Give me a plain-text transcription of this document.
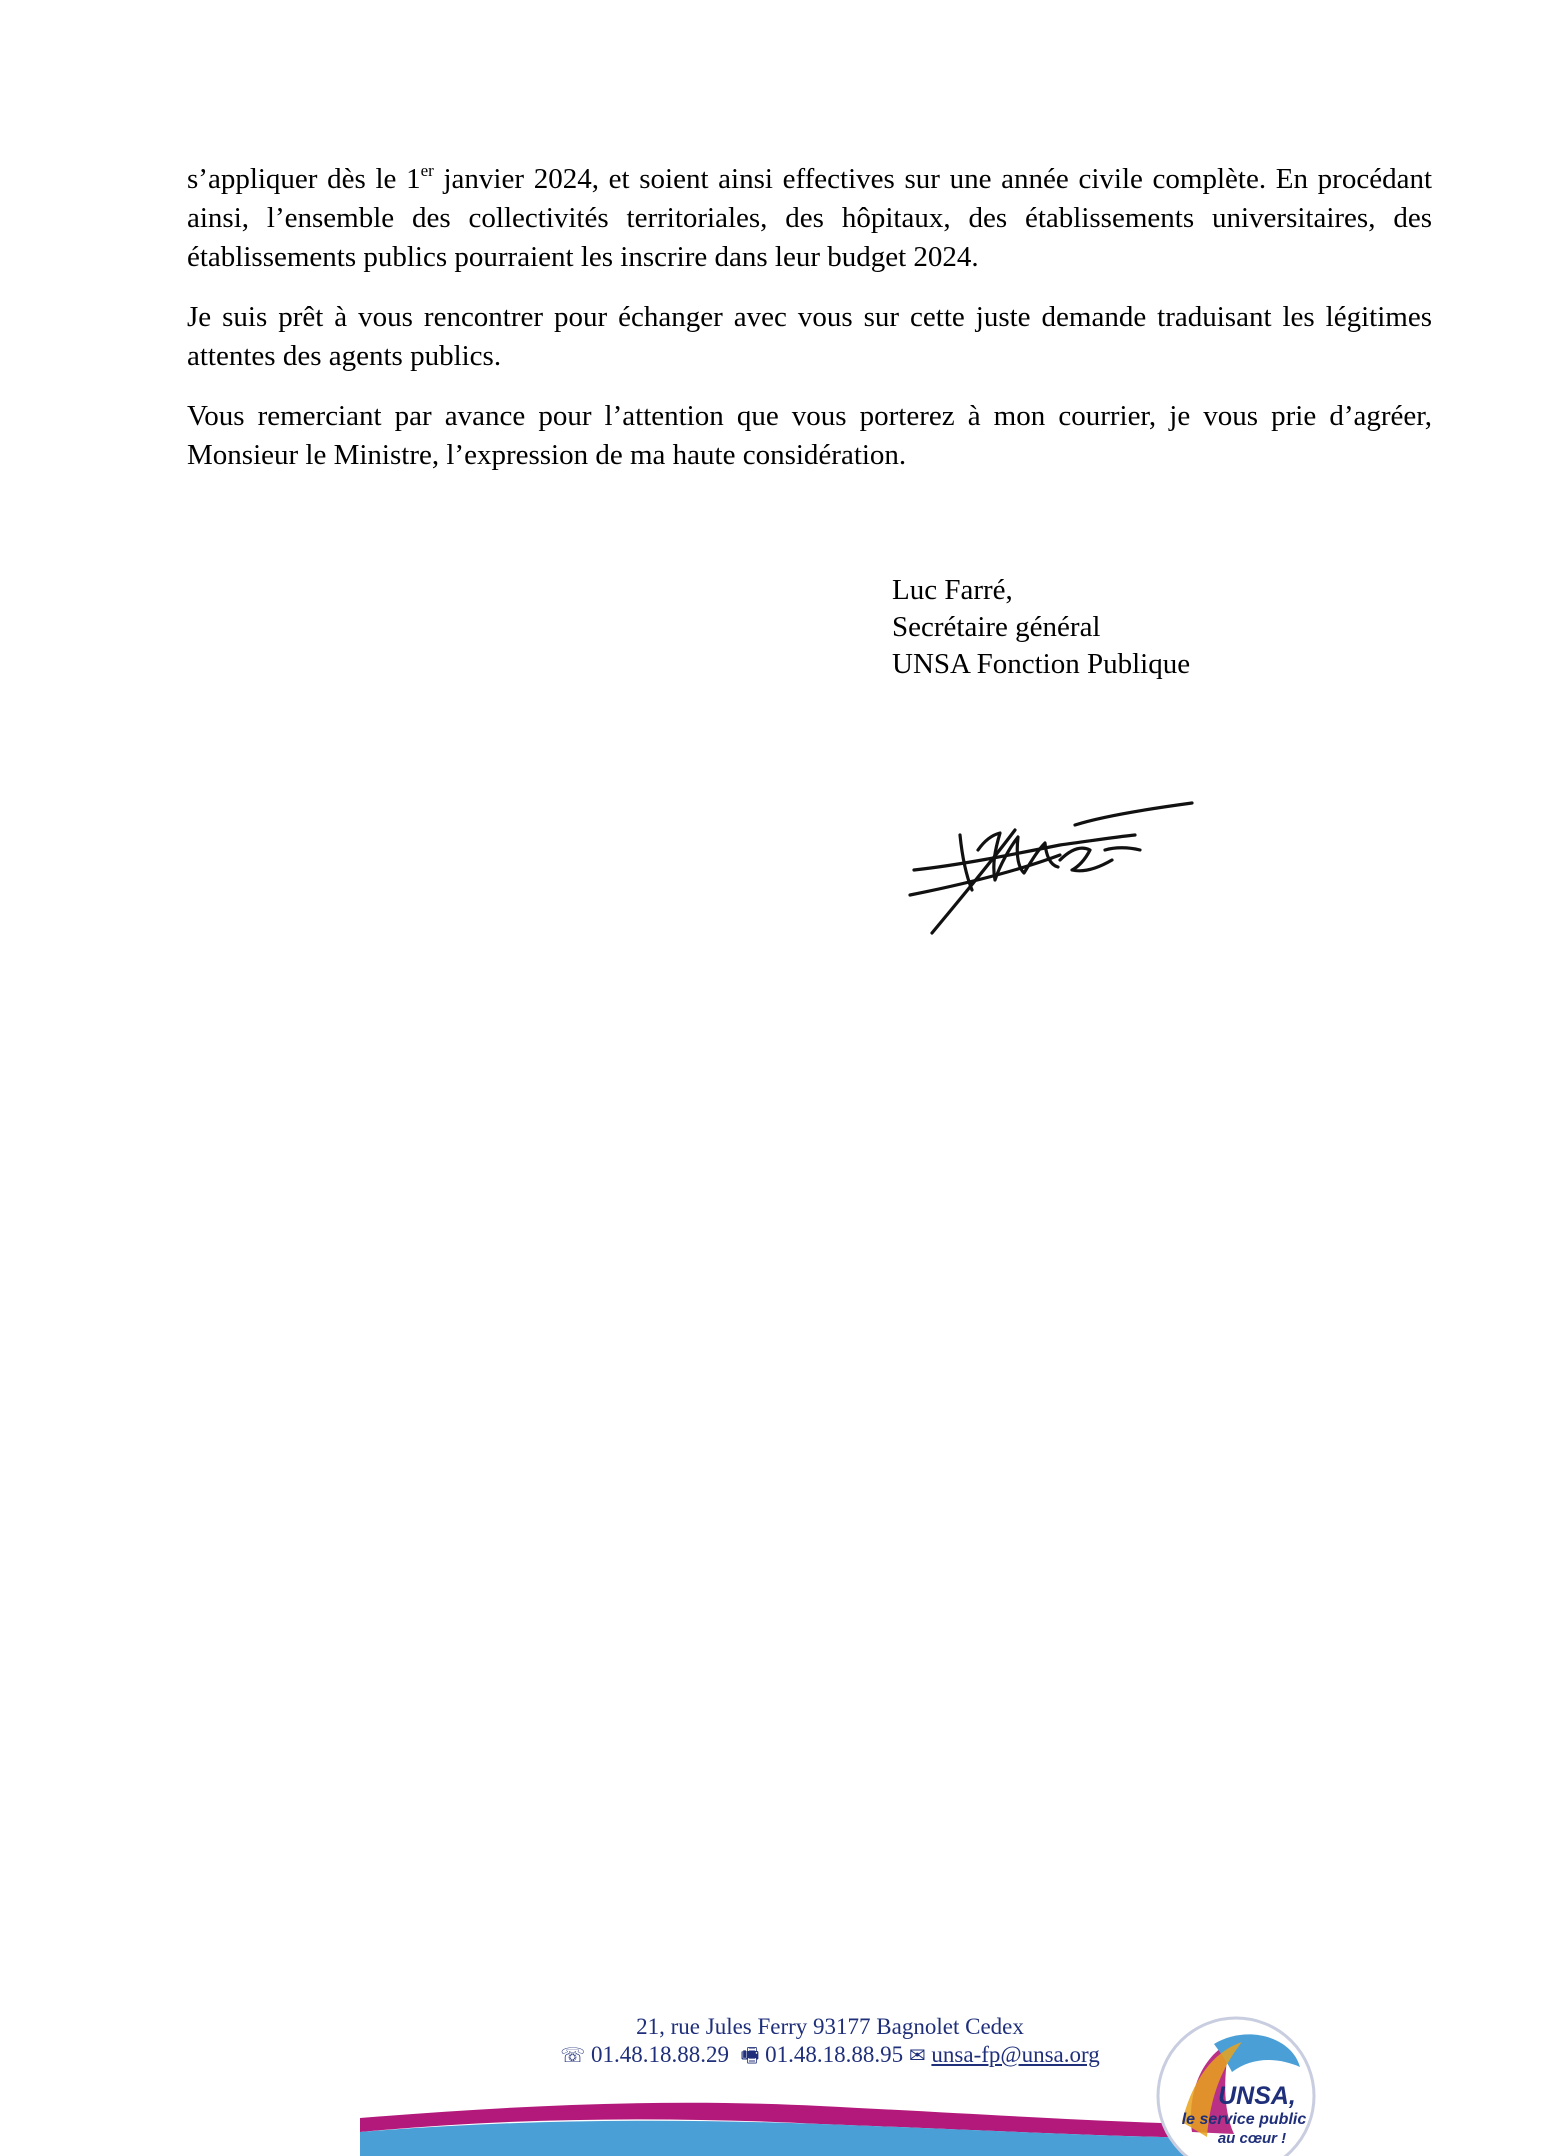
s’appliquer dès le 1er janvier 2024, et soient ainsi effectives sur une année civile complète. En procédant ainsi, l’ensemble des collectivités territoriales, des hôpitaux, des établissements universitaires, des établissements publics pourraient les inscrire dans leur budget 2024.

Je suis prêt à vous rencontrer pour échanger avec vous sur cette juste demande traduisant les légitimes attentes des agents publics.

Vous remerciant par avance pour l’attention que vous porterez à mon courrier, je vous prie d’agréer, Monsieur le Ministre, l’expression de ma haute considération.

Luc Farré,
Secrétaire général
UNSA Fonction Publique
21, rue Jules Ferry 93177 Bagnolet Cedex
☏ 01.48.18.88.29 🖷 01.48.18.88.95 ✉ unsa-fp@unsa.org
UNSA,
le service public
au cœur !
